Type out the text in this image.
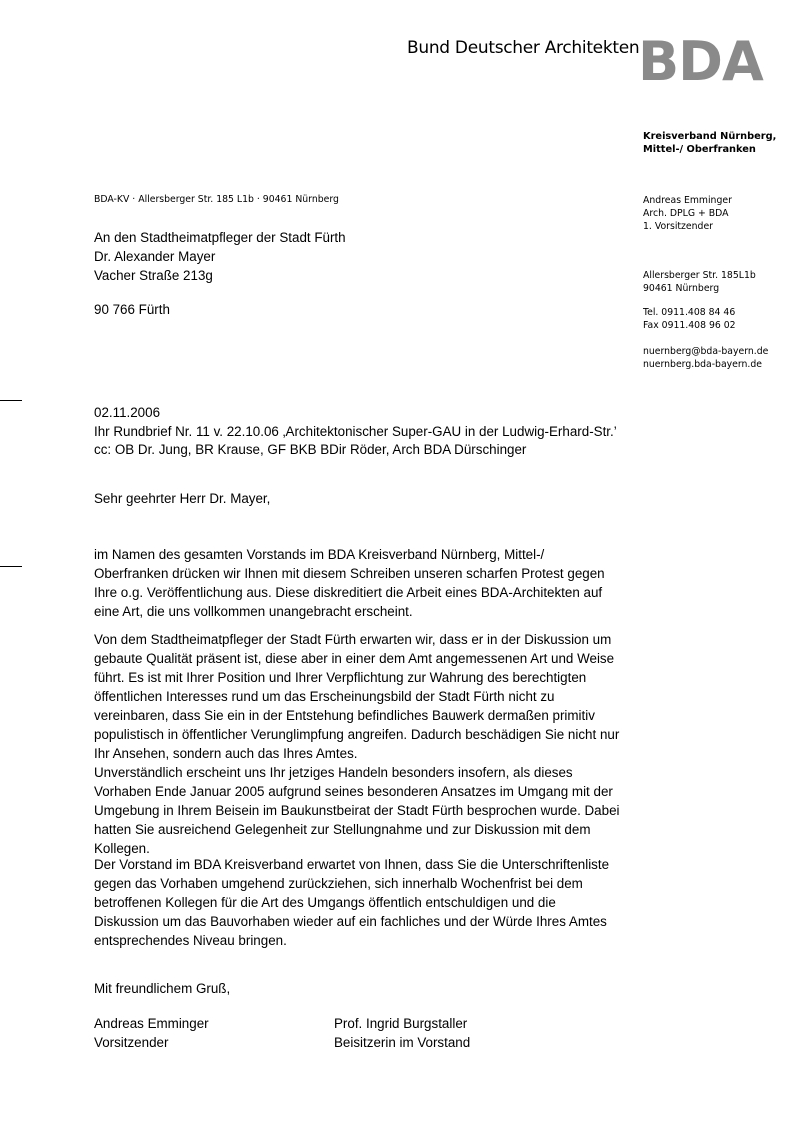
Bund Deutscher Architekten
BDA
Kreisverband Nürnberg,
Mittel-/ Oberfranken
Andreas Emminger
Arch. DPLG + BDA
1. Vorsitzender
Allersberger Str. 185L1b
90461 Nürnberg
Tel. 0911.408 84 46
Fax 0911.408 96 02
nuernberg@bda-bayern.de
nuernberg.bda-bayern.de
BDA-KV · Allersberger Str. 185 L1b · 90461 Nürnberg
An den Stadtheimatpfleger der Stadt Fürth
Dr. Alexander Mayer
Vacher Straße 213g
90 766 Fürth
02.11.2006
Ihr Rundbrief Nr. 11 v. 22.10.06 ‚Architektonischer Super-GAU in der Ludwig-Erhard-Str.’
cc: OB Dr. Jung, BR Krause, GF BKB BDir Röder, Arch BDA Dürschinger
Sehr geehrter Herr Dr. Mayer,
im Namen des gesamten Vorstands im BDA Kreisverband Nürnberg, Mittel-/
Oberfranken drücken wir Ihnen mit diesem Schreiben unseren scharfen Protest gegen
Ihre o.g. Veröffentlichung aus. Diese diskreditiert die Arbeit eines BDA-Architekten auf
eine Art, die uns vollkommen unangebracht erscheint.
Von dem Stadtheimatpfleger der Stadt Fürth erwarten wir, dass er in der Diskussion um
gebaute Qualität präsent ist, diese aber in einer dem Amt angemessenen Art und Weise
führt. Es ist mit Ihrer Position und Ihrer Verpflichtung zur Wahrung des berechtigten
öffentlichen Interesses rund um das Erscheinungsbild der Stadt Fürth nicht zu
vereinbaren, dass Sie ein in der Entstehung befindliches Bauwerk dermaßen primitiv
populistisch in öffentlicher Verunglimpfung angreifen. Dadurch beschädigen Sie nicht nur
Ihr Ansehen, sondern auch das Ihres Amtes.
Unverständlich erscheint uns Ihr jetziges Handeln besonders insofern, als dieses
Vorhaben Ende Januar 2005 aufgrund seines besonderen Ansatzes im Umgang mit der
Umgebung in Ihrem Beisein im Baukunstbeirat der Stadt Fürth besprochen wurde. Dabei
hatten Sie ausreichend Gelegenheit zur Stellungnahme und zur Diskussion mit dem
Kollegen.
Der Vorstand im BDA Kreisverband erwartet von Ihnen, dass Sie die Unterschriftenliste
gegen das Vorhaben umgehend zurückziehen, sich innerhalb Wochenfrist bei dem
betroffenen Kollegen für die Art des Umgangs öffentlich entschuldigen und die
Diskussion um das Bauvorhaben wieder auf ein fachliches und der Würde Ihres Amtes
entsprechendes Niveau bringen.
Mit freundlichem Gruß,
Andreas Emminger
Vorsitzender
Prof. Ingrid Burgstaller
Beisitzerin im Vorstand
